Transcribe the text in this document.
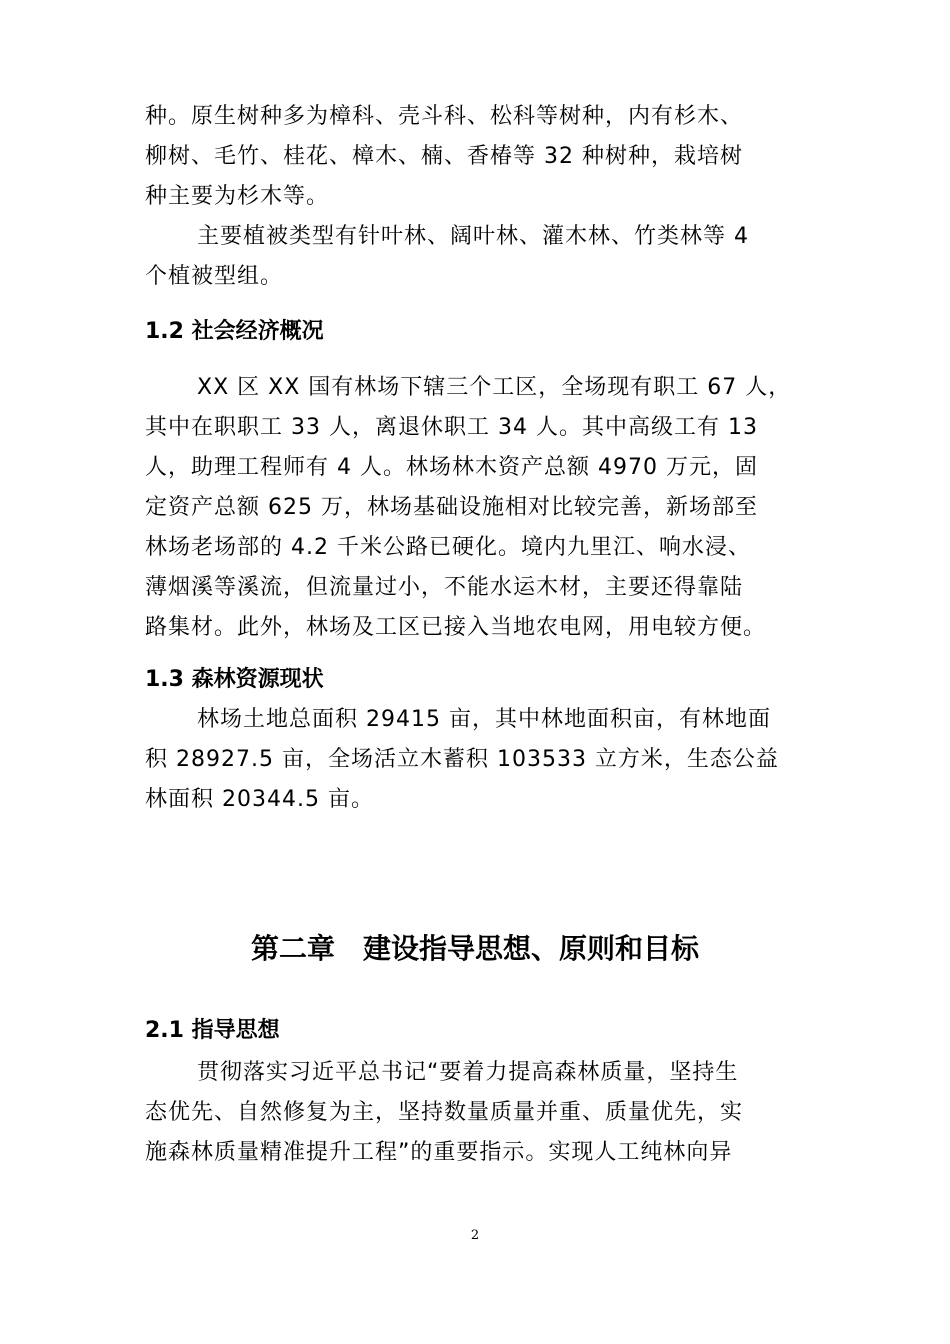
种。原生树种多为樟科、壳斗科、松科等树种，内有杉木、
柳树、毛竹、桂花、樟木、楠、香椿等 32 种树种，栽培树
种主要为杉木等。
主要植被类型有针叶林、阔叶林、灌木林、竹类林等 4
个植被型组。
1.2 社会经济概况
XX 区 XX 国有林场下辖三个工区，全场现有职工 67 人，
其中在职职工 33 人，离退休职工 34 人。其中高级工有 13
人，助理工程师有 4 人。林场林木资产总额 4970 万元，固
定资产总额 625 万，林场基础设施相对比较完善，新场部至
林场老场部的 4.2 千米公路已硬化。境内九里江、响水浸、
薄烟溪等溪流，但流量过小，不能水运木材，主要还得靠陆
路集材。此外，林场及工区已接入当地农电网，用电较方便。
1.3 森林资源现状
林场土地总面积 29415 亩，其中林地面积亩，有林地面
积 28927.5 亩，全场活立木蓄积 103533 立方米，生态公益
林面积 20344.5 亩。
第二章　建设指导思想、原则和目标
2.1 指导思想
贯彻落实习近平总书记“要着力提高森林质量，坚持生
态优先、自然修复为主，坚持数量质量并重、质量优先，实
施森林质量精准提升工程”的重要指示。实现人工纯林向异
2
